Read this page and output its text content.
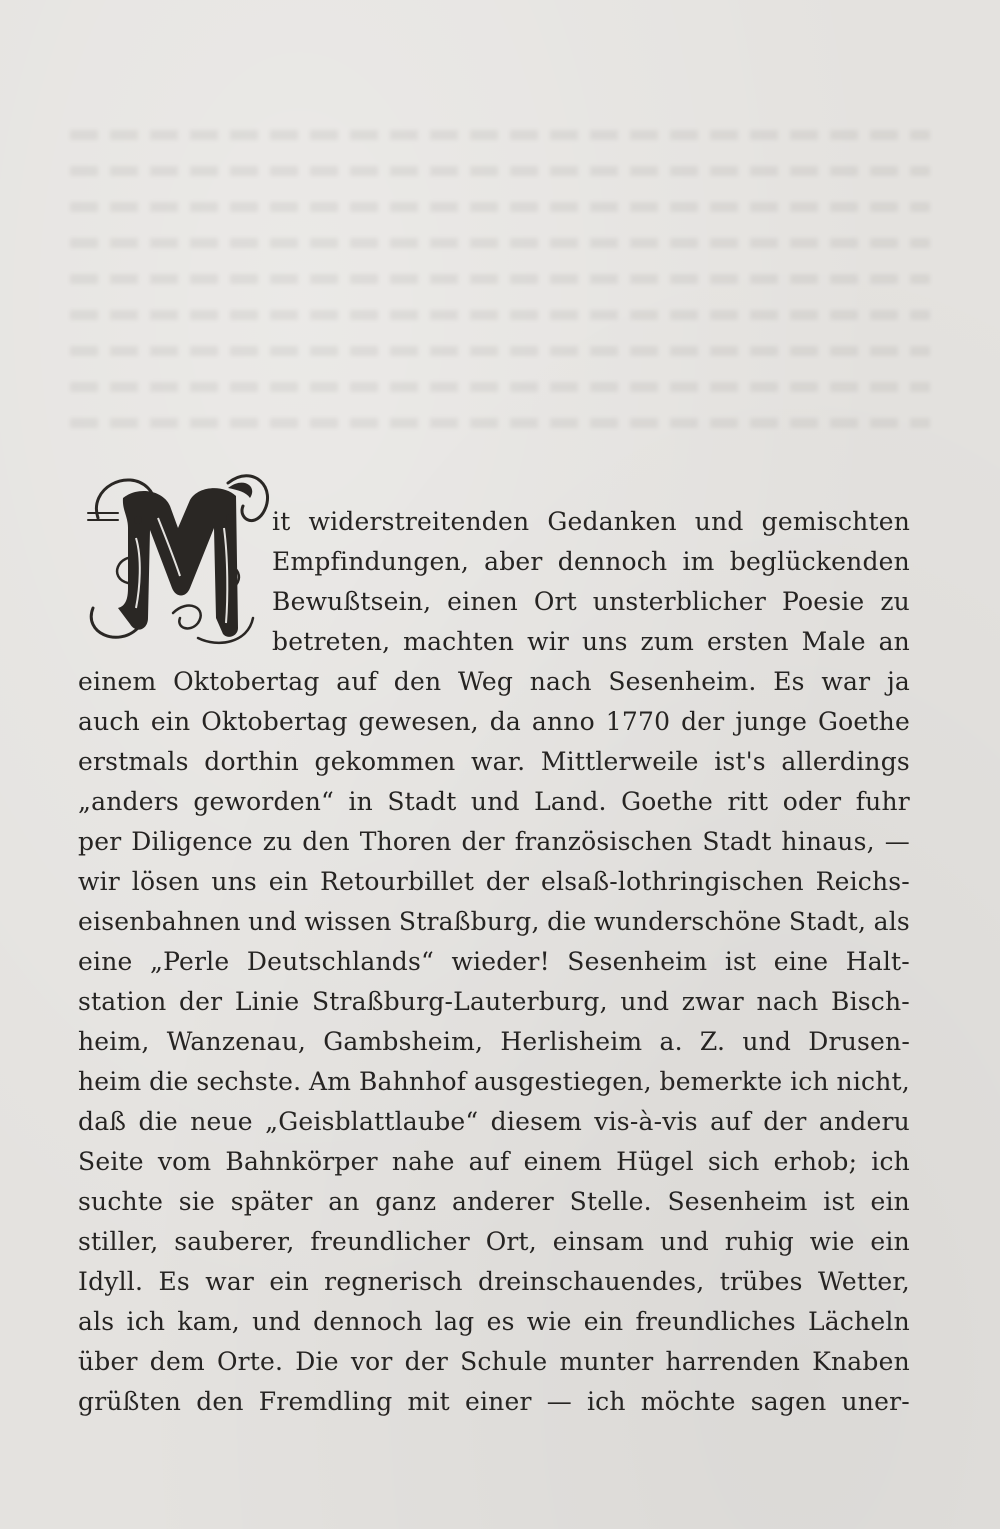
it widerstreitenden Gedanken und gemischten
Empfindungen, aber dennoch im beglückenden
Bewußtsein, einen Ort unsterblicher Poesie zu
betreten, machten wir uns zum ersten Male an
einem Oktobertag auf den Weg nach Sesenheim. Es war ja
auch ein Oktobertag gewesen, da anno 1770 der junge Goethe
erstmals dorthin gekommen war. Mittlerweile ist's allerdings
„anders geworden“ in Stadt und Land. Goethe ritt oder fuhr
per Diligence zu den Thoren der französischen Stadt hinaus, —
wir lösen uns ein Retourbillet der elsaß-lothringischen Reichs-
eisenbahnen und wissen Straßburg, die wunderschöne Stadt, als
eine „Perle Deutschlands“ wieder! Sesenheim ist eine Halt-
station der Linie Straßburg-Lauterburg, und zwar nach Bisch-
heim, Wanzenau, Gambsheim, Herlisheim a. Z. und Drusen-
heim die sechste. Am Bahnhof ausgestiegen, bemerkte ich nicht,
daß die neue „Geisblattlaube“ diesem vis-à-vis auf der anderu
Seite vom Bahnkörper nahe auf einem Hügel sich erhob; ich
suchte sie später an ganz anderer Stelle. Sesenheim ist ein
stiller, sauberer, freundlicher Ort, einsam und ruhig wie ein
Idyll. Es war ein regnerisch dreinschauendes, trübes Wetter,
als ich kam, und dennoch lag es wie ein freundliches Lächeln
über dem Orte. Die vor der Schule munter harrenden Knaben
grüßten den Fremdling mit einer — ich möchte sagen uner-
